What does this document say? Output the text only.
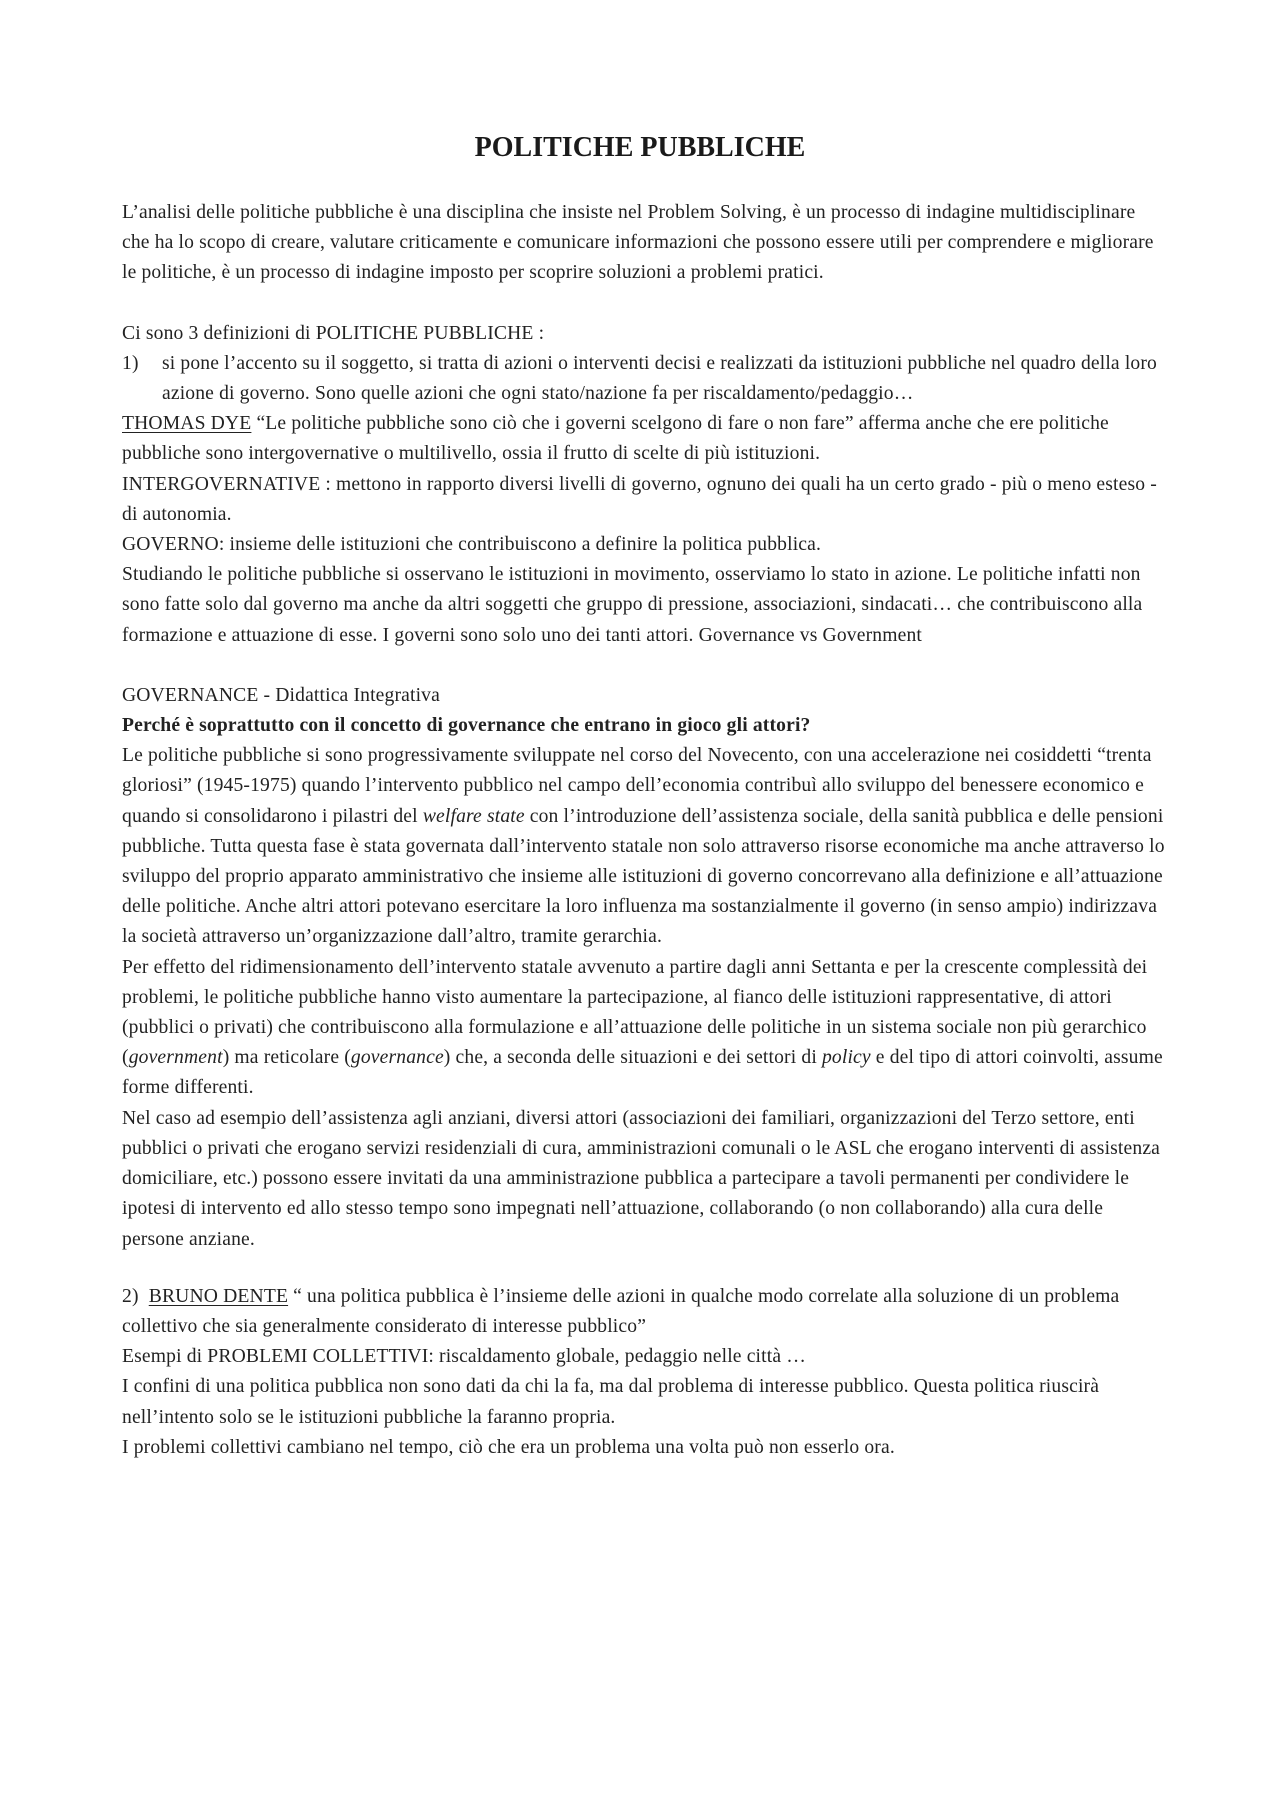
POLITICHE PUBBLICHE

L’analisi delle politiche pubbliche è una disciplina che insiste nel Problem Solving, è un processo di indagine multidisciplinare che ha lo scopo di creare, valutare criticamente e comunicare informazioni che possono essere utili per comprendere e migliorare le politiche, è un processo di indagine imposto per scoprire soluzioni a problemi pratici.

Ci sono 3 definizioni di POLITICHE PUBBLICHE :

1)	si pone l’accento su il soggetto, si tratta di azioni o interventi decisi e realizzati da istituzioni pubbliche nel quadro della loro azione di governo. Sono quelle azioni che ogni stato/nazione fa per riscaldamento/pedaggio…

THOMAS DYE “Le politiche pubbliche sono ciò che i governi scelgono di fare o non fare” afferma anche che ere politiche pubbliche sono intergovernative o multilivello, ossia il frutto di scelte di più istituzioni.

INTERGOVERNATIVE : mettono in rapporto diversi livelli di governo, ognuno dei quali ha un certo grado - più o meno esteso - di autonomia.

GOVERNO: insieme delle istituzioni che contribuiscono a definire la politica pubblica.

Studiando le politiche pubbliche si osservano le istituzioni in movimento, osserviamo lo stato in azione. Le politiche infatti non sono fatte solo dal governo ma anche da altri soggetti che gruppo di pressione, associazioni, sindacati… che contribuiscono alla formazione e attuazione di esse. I governi sono solo uno dei tanti attori. Governance vs Government

GOVERNANCE - Didattica Integrativa

Perché è soprattutto con il concetto di governance che entrano in gioco gli attori?

Le politiche pubbliche si sono progressivamente sviluppate nel corso del Novecento, con una accelerazione nei cosiddetti “trenta gloriosi” (1945-1975) quando l’intervento pubblico nel campo dell’economia contribuì allo sviluppo del benessere economico e quando si consolidarono i pilastri del welfare state con l’introduzione dell’assistenza sociale, della sanità pubblica e delle pensioni pubbliche. Tutta questa fase è stata governata dall’intervento statale non solo attraverso risorse economiche ma anche attraverso lo sviluppo del proprio apparato amministrativo che insieme alle istituzioni di governo concorrevano alla definizione e all’attuazione delle politiche. Anche altri attori potevano esercitare la loro influenza ma sostanzialmente il governo (in senso ampio) indirizzava la società attraverso un’organizzazione dall’altro, tramite gerarchia.

Per effetto del ridimensionamento dell’intervento statale avvenuto a partire dagli anni Settanta e per la crescente complessità dei problemi, le politiche pubbliche hanno visto aumentare la partecipazione, al fianco delle istituzioni rappresentative, di attori (pubblici o privati) che contribuiscono alla formulazione e all’attuazione delle politiche in un sistema sociale non più gerarchico (government) ma reticolare (governance) che, a seconda delle situazioni e dei settori di policy e del tipo di attori coinvolti, assume forme differenti.

Nel caso ad esempio dell’assistenza agli anziani, diversi attori (associazioni dei familiari, organizzazioni del Terzo settore, enti pubblici o privati che erogano servizi residenziali di cura, amministrazioni comunali o le ASL che erogano interventi di assistenza domiciliare, etc.) possono essere invitati da una amministrazione pubblica a partecipare a tavoli permanenti per condividere le ipotesi di intervento ed allo stesso tempo sono impegnati nell’attuazione, collaborando (o non collaborando) alla cura delle persone anziane.

2) BRUNO DENTE “ una politica pubblica è l’insieme delle azioni in qualche modo correlate alla soluzione di un problema collettivo che sia generalmente considerato di interesse pubblico”

Esempi di PROBLEMI COLLETTIVI: riscaldamento globale, pedaggio nelle città …

I confini di una politica pubblica non sono dati da chi la fa, ma dal problema di interesse pubblico. Questa politica riuscirà nell’intento solo se le istituzioni pubbliche la faranno propria.

I problemi collettivi cambiano nel tempo, ciò che era un problema una volta può non esserlo ora.
